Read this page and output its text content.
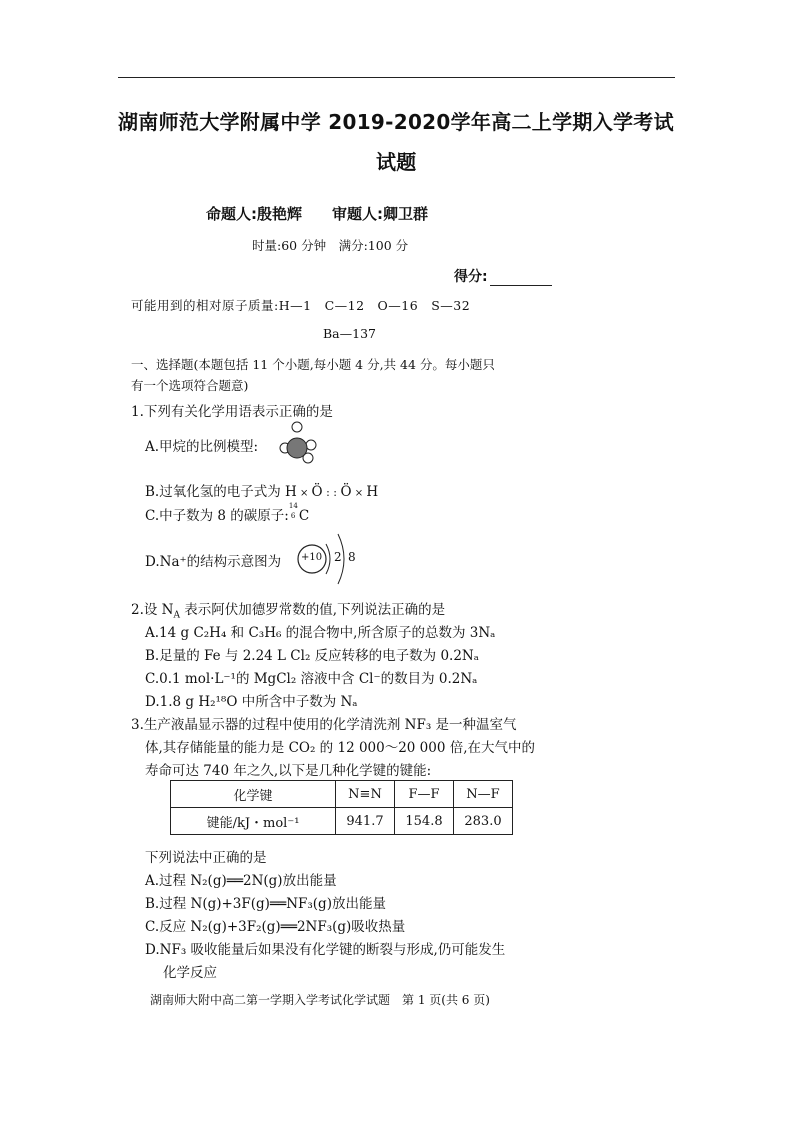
湖南师范大学附属中学 2019-2020学年高二上学期入学考试
试题
命题人:殷艳辉　　审题人:卿卫群
时量:60 分钟　满分:100 分
得分:
可能用到的相对原子质量:H—1　C—12　O—16　S—32
Ba—137
一、选择题(本题包括 11 个小题,每小题 4 分,共 44 分。每小题只
有一个选项符合题意)
1.下列有关化学用语表示正确的是
A.甲烷的比例模型:
B.过氧化氢的电子式为 H × Ö : : Ö × H
C.中子数为 8 的碳原子:
14
6 C
D.Na⁺的结构示意图为 +10 2 8
2.设 $N_A$ 表示阿伏加德罗常数的值,下列说法正确的是
A.14 g C₂H₄ 和 C₃H₆ 的混合物中,所含原子的总数为 3Nₐ
B.足量的 Fe 与 2.24 L Cl₂ 反应转移的电子数为 0.2Nₐ
C.0.1 mol·L⁻¹的 MgCl₂ 溶液中含 Cl⁻的数目为 0.2Nₐ
D.1.8 g H₂¹⁸O 中所含中子数为 Nₐ
3.生产液晶显示器的过程中使用的化学清洗剂 NF₃ 是一种温室气
体,其存储能量的能力是 CO₂ 的 12 000～20 000 倍,在大气中的
寿命可达 740 年之久,以下是几种化学键的键能:
化学键	N≡N	F—F	N—F
键能/kJ・mol⁻¹	941.7	154.8	283.0
下列说法中正确的是
A.过程 N₂(g)══2N(g)放出能量
B.过程 N(g)+3F(g)══NF₃(g)放出能量
C.反应 N₂(g)+3F₂(g)══2NF₃(g)吸收热量
D.NF₃ 吸收能量后如果没有化学键的断裂与形成,仍可能发生
化学反应
湖南师大附中高二第一学期入学考试化学试题　第 1 页(共 6 页)
